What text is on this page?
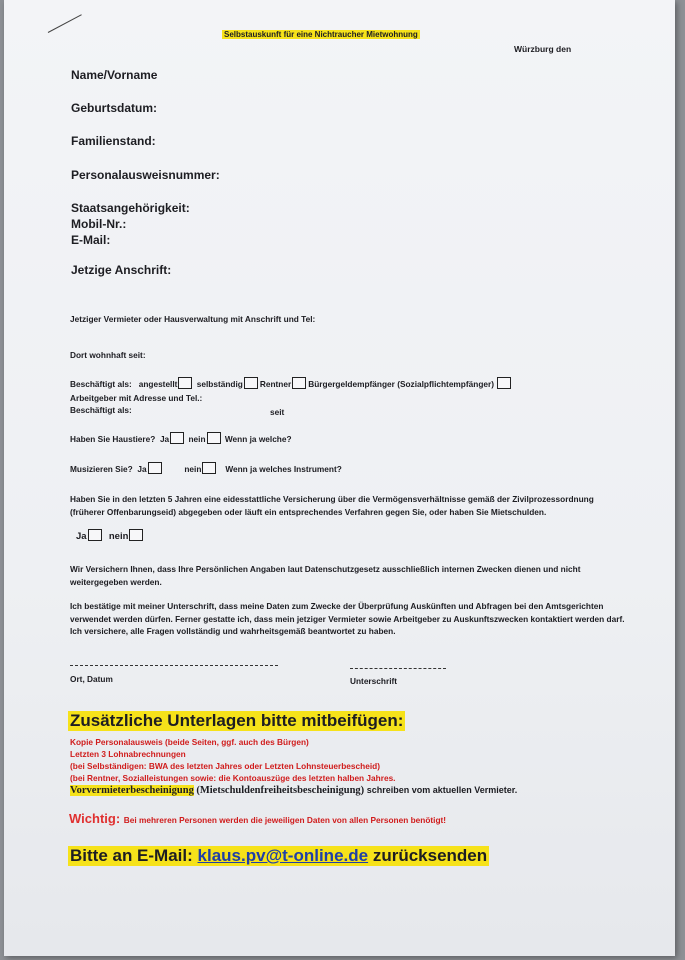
Selbstauskunft für eine Nichtraucher Mietwohnung
Würzburg den
Name/Vorname
Geburtsdatum:
Familienstand:
Personalausweisnummer:
Staatsangehörigkeit:
Mobil-Nr.:
E-Mail:
Jetzige Anschrift:
Jetziger Vermieter oder Hausverwaltung mit Anschrift und Tel:
Dort wohnhaft seit:
Beschäftigt als: angestellt selbständig Rentner Bürgergeldempfänger (Sozialpflichtempfänger)
Arbeitgeber mit Adresse und Tel.:
Beschäftigt als:	seit
Haben Sie Haustiere? Ja nein Wenn ja welche?
Musizieren Sie? Ja	nein	Wenn ja welches Instrument?
Haben Sie in den letzten 5 Jahren eine eidesstattliche Versicherung über die Vermögensverhältnisse gemäß der Zivilprozessordnung (früherer Offenbarungseid) abgegeben oder läuft ein entsprechendes Verfahren gegen Sie, oder haben Sie Mietschulden.
Ja nein
Wir Versichern Ihnen, dass Ihre Persönlichen Angaben laut Datenschutzgesetz ausschließlich internen Zwecken dienen und nicht weitergegeben werden.
Ich bestätige mit meiner Unterschrift, dass meine Daten zum Zwecke der Überprüfung Auskünften und Abfragen bei den Amtsgerichten verwendet werden dürfen. Ferner gestatte ich, dass mein jetziger Vermieter sowie Arbeitgeber zu Auskunftszwecken kontaktiert werden darf. Ich versichere, alle Fragen vollständig und wahrheitsgemäß beantwortet zu haben.
Ort, Datum	Unterschrift
Zusätzliche Unterlagen bitte mitbeifügen:
Kopie Personalausweis (beide Seiten, ggf. auch des Bürgen)
Letzten 3 Lohnabrechnungen
(bei Selbständigen: BWA des letzten Jahres oder Letzten Lohnsteuerbescheid)
(bei Rentner, Sozialleistungen sowie: die Kontoauszüge des letzten halben Jahres.
Vorvermieterbescheinigung (Mietschuldenfreiheitsbescheinigung) schreiben vom aktuellen Vermieter.
Wichtig: Bei mehreren Personen werden die jeweiligen Daten von allen Personen benötigt!
Bitte an E-Mail: klaus.pv@t-online.de zurücksenden
